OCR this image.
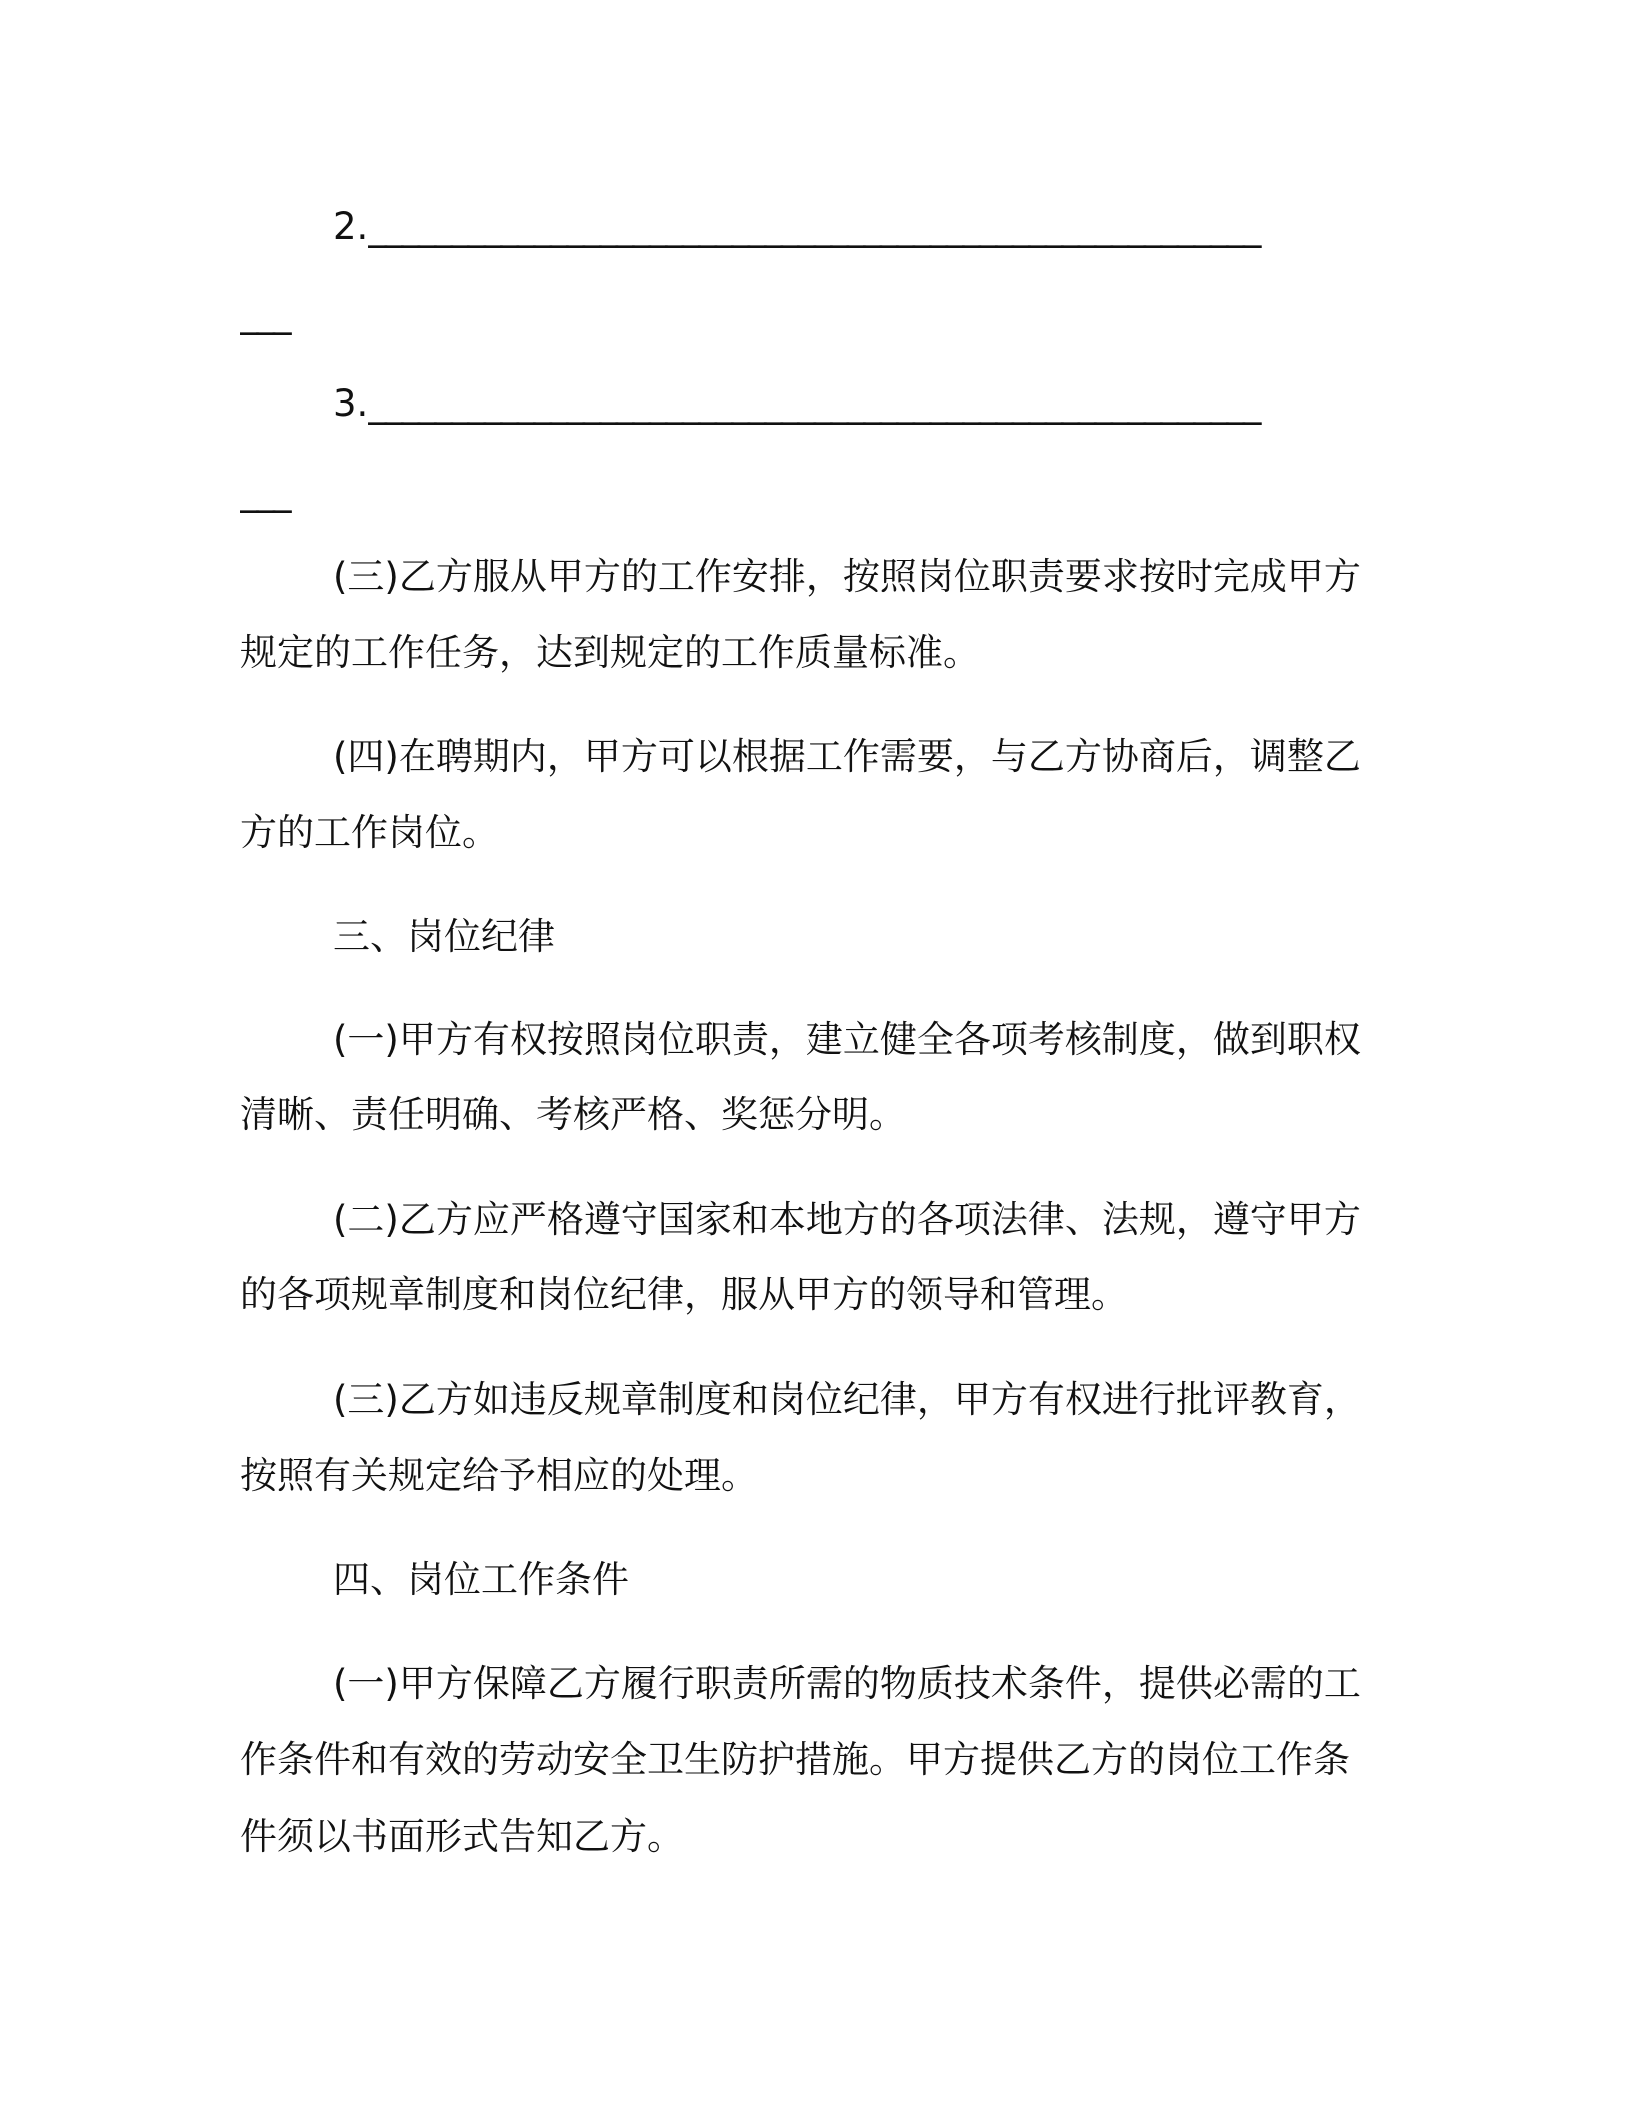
2.______________________________________________________
___
3.______________________________________________________
___
(三)乙方服从甲方的工作安排，按照岗位职责要求按时完成甲方
规定的工作任务，达到规定的工作质量标准。
(四)在聘期内，甲方可以根据工作需要，与乙方协商后，调整乙
方的工作岗位。
三、岗位纪律
(一)甲方有权按照岗位职责，建立健全各项考核制度，做到职权
清晰、责任明确、考核严格、奖惩分明。
(二)乙方应严格遵守国家和本地方的各项法律、法规，遵守甲方
的各项规章制度和岗位纪律，服从甲方的领导和管理。
(三)乙方如违反规章制度和岗位纪律，甲方有权进行批评教育，
按照有关规定给予相应的处理。
四、岗位工作条件
(一)甲方保障乙方履行职责所需的物质技术条件，提供必需的工
作条件和有效的劳动安全卫生防护措施。甲方提供乙方的岗位工作条
件须以书面形式告知乙方。
